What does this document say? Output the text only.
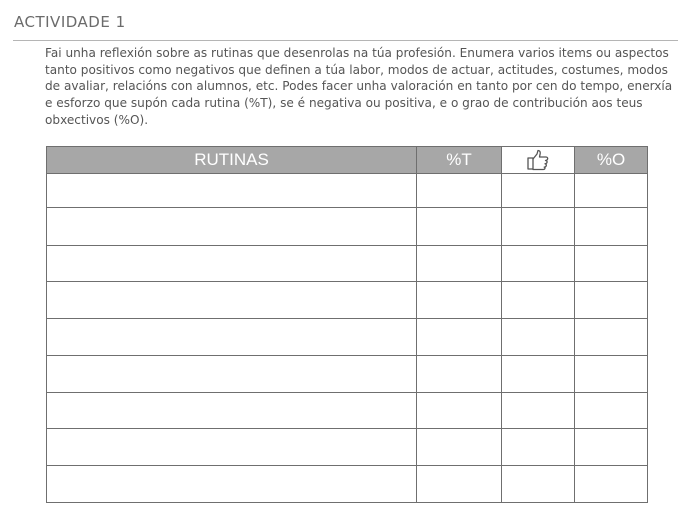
ACTIVIDADE 1
Fai unha reflexión sobre as rutinas que desenrolas na túa profesión. Enumera varios items ou aspectos tanto positivos como negativos que definen a túa labor, modos de actuar, actitudes, costumes, modos de avaliar, relacións con alumnos, etc. Podes facer unha valoración en tanto por cen do tempo, enerxía e esforzo que supón cada rutina (%T), se é negativa ou positiva, e o grao de contribución aos teus obxectivos (%O).
RUTINAS	%T		%O
